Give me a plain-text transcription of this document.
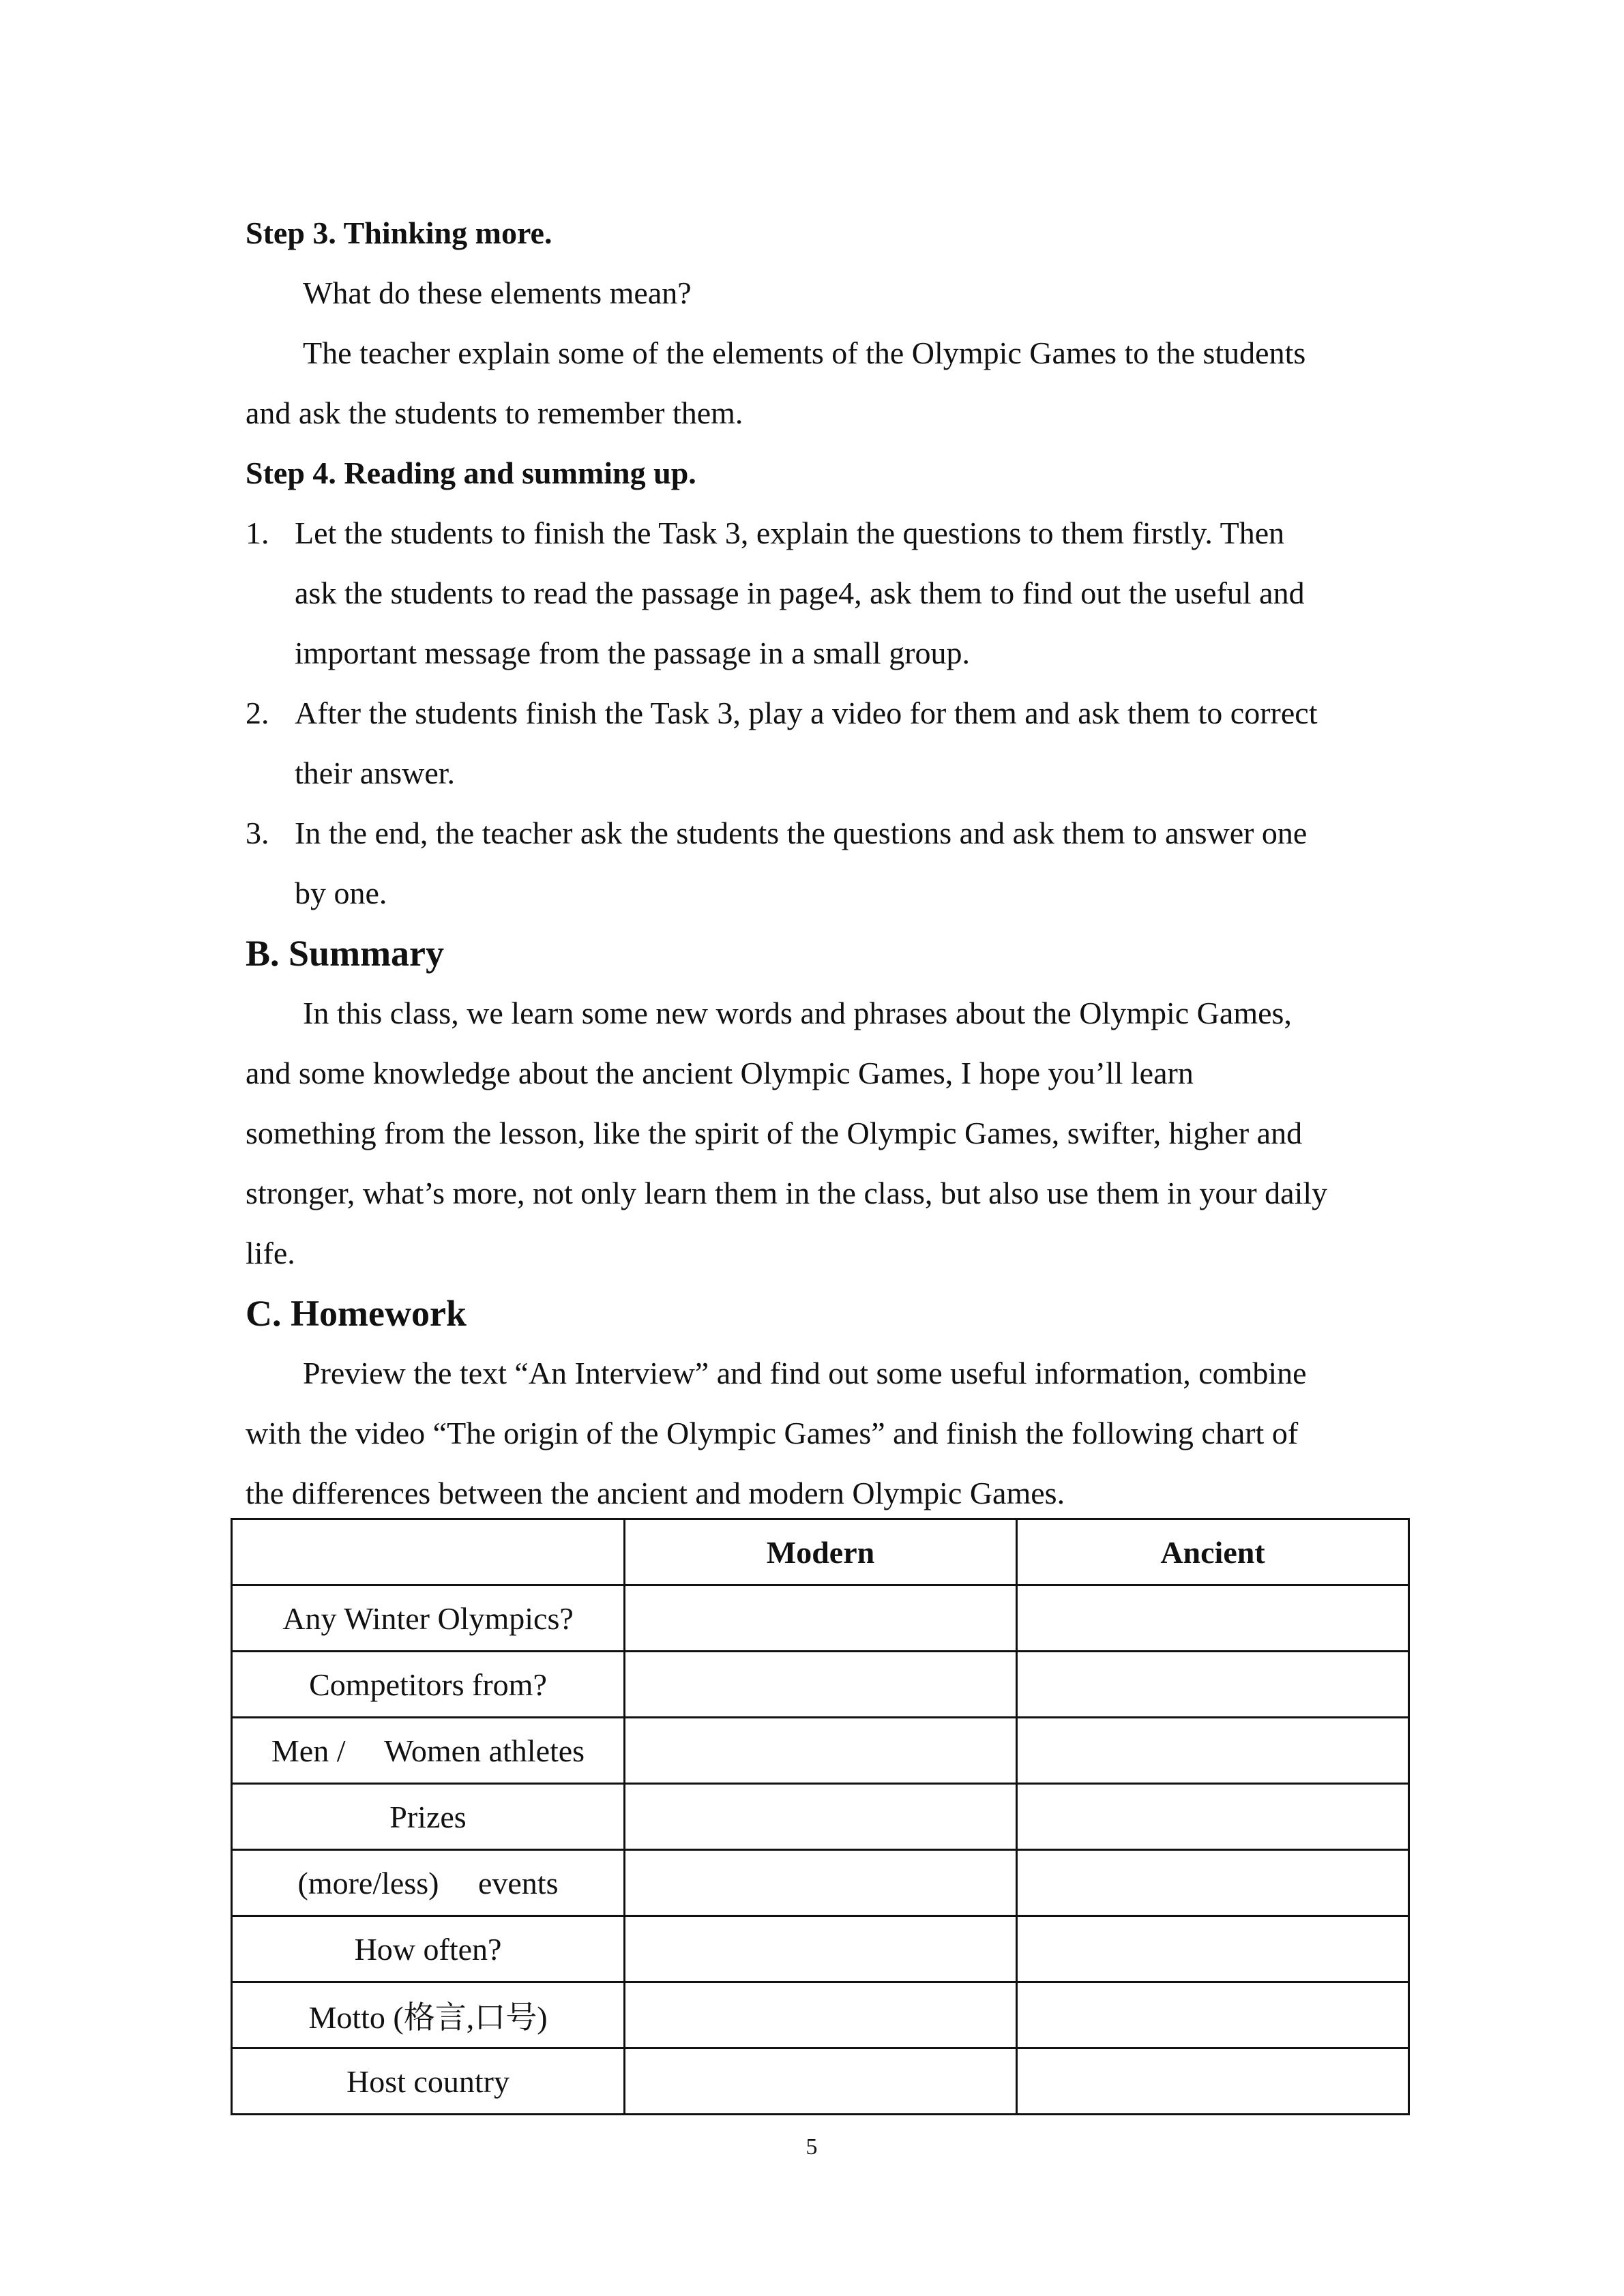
Step 3. Thinking more.
What do these elements mean?
The teacher explain some of the elements of the Olympic Games to the students
and ask the students to remember them.
Step 4. Reading and summing up.
1. Let the students to finish the Task 3, explain the questions to them firstly. Then
ask the students to read the passage in page4, ask them to find out the useful and
important message from the passage in a small group.
2. After the students finish the Task 3, play a video for them and ask them to correct
their answer.
3. In the end, the teacher ask the students the questions and ask them to answer one
by one.
B. Summary
In this class, we learn some new words and phrases about the Olympic Games,
and some knowledge about the ancient Olympic Games, I hope you’ll learn
something from the lesson, like the spirit of the Olympic Games, swifter, higher and
stronger, what’s more, not only learn them in the class, but also use them in your daily
life.
C. Homework
Preview the text “An Interview” and find out some useful information, combine
with the video “The origin of the Olympic Games” and finish the following chart of
the differences between the ancient and modern Olympic Games.
	Modern	Ancient
Any Winter Olympics?		
Competitors from?		
Men /  Women athletes		
Prizes		
(more/less)  events		
How often?		
Motto (格言,口号)		
Host country		
5
